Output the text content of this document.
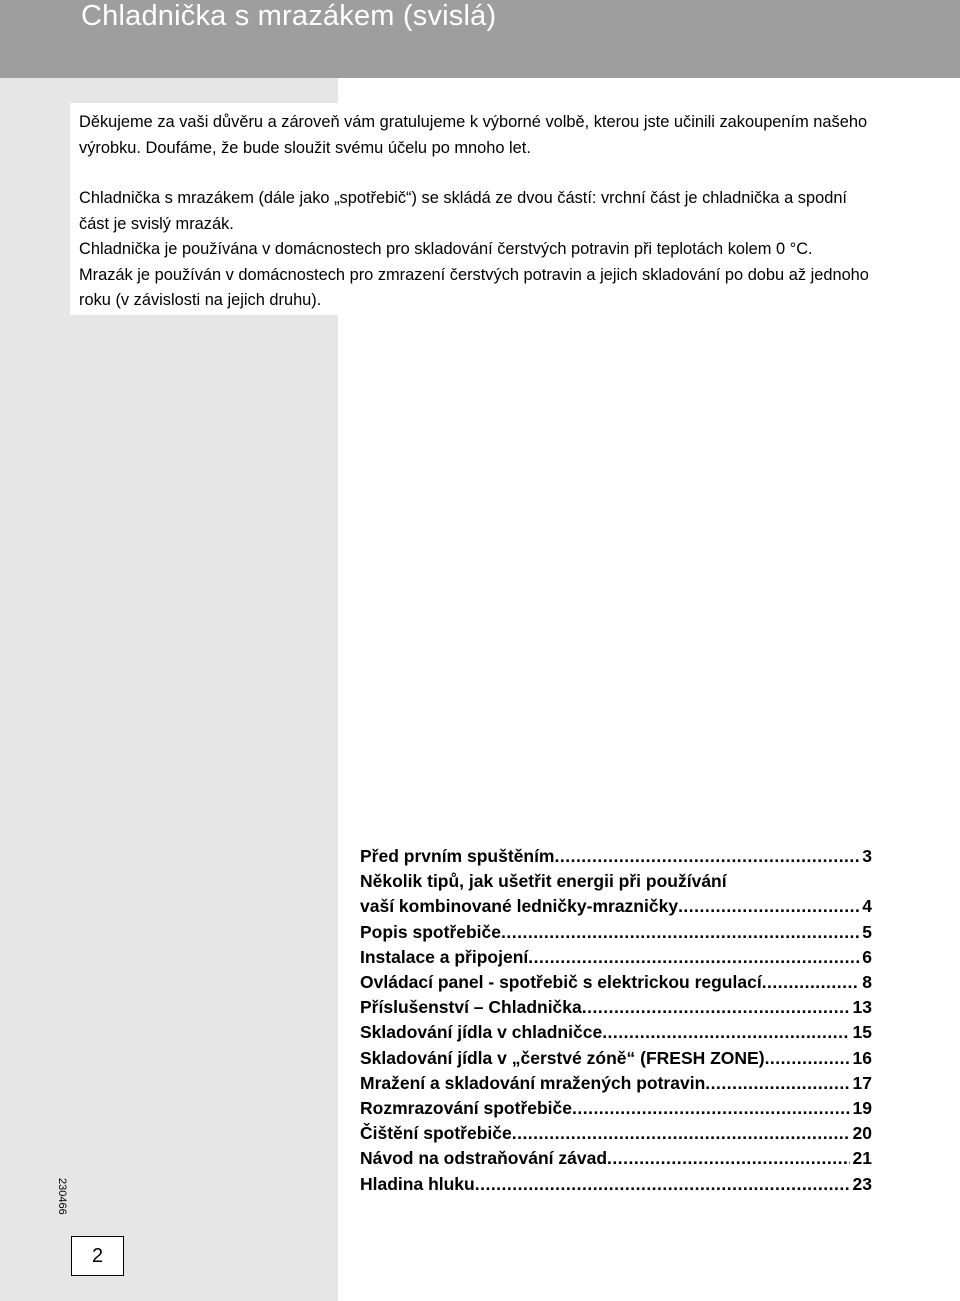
Chladnička s mrazákem (svislá)

Děkujeme za vaši důvěru a zároveň vám gratulujeme k výborné volbě, kterou jste učinili zakoupením našeho výrobku. Doufáme, že bude sloužit svému účelu po mnoho let.

Chladnička s mrazákem (dále jako „spotřebič“) se skládá ze dvou částí: vrchní část je chladnička a spodní část je svislý mrazák.

Chladnička je používána v domácnostech pro skladování čerstvých potravin při teplotách kolem 0 °C.

Mrazák je používán v domácnostech pro zmrazení čerstvých potravin a jejich skladování po dobu až jednoho roku (v závislosti na jejich druhu).

Před prvním spuštěním .....	3
Několik tipů, jak ušetřit energii při používání
vaší kombinované ledničky-mrazničky .....	4
Popis spotřebiče .....	5
Instalace a připojení .....	6
Ovládací panel - spotřebič s elektrickou regulací .....	8
Příslušenství – Chladnička .....	13
Skladování jídla v chladničce .....	15
Skladování jídla v „čerstvé zóně“ (FRESH ZONE) .....	16
Mražení a skladování mražených potravin .....	17
Rozmrazování spotřebiče .....	19
Čištění spotřebiče .....	20
Návod na odstraňování závad .....	21
Hladina hluku .....	23
230466
2
